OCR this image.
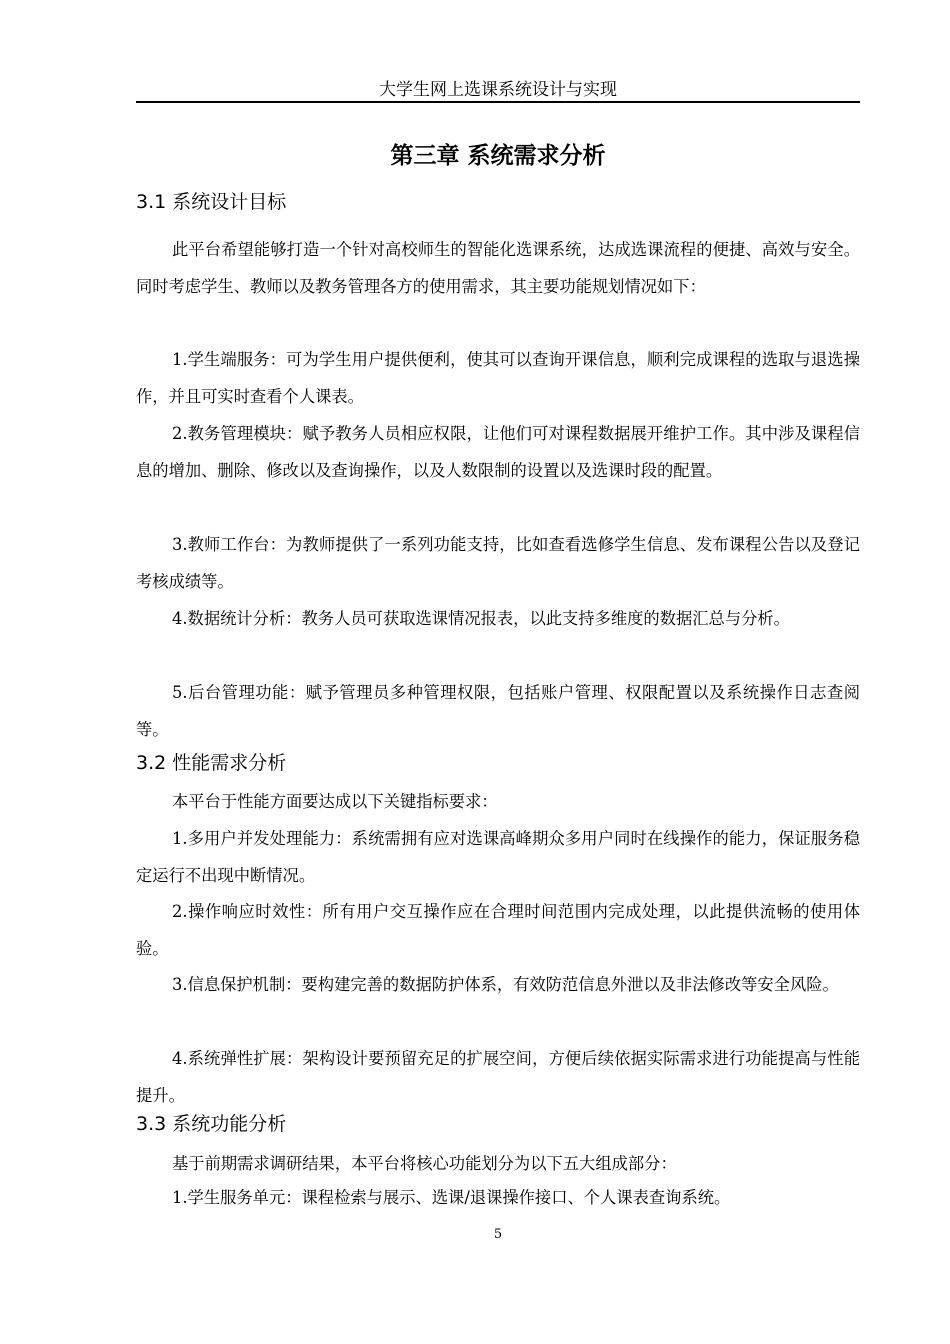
大学生网上选课系统设计与实现
第三章 系统需求分析
3.1 系统设计目标

此平台希望能够打造一个针对高校师生的智能化选课系统，达成选课流程的便捷、高效与安全。同时考虑学生、教师以及教务管理各方的使用需求，其主要功能规划情况如下：

1.学生端服务：可为学生用户提供便利，使其可以查询开课信息，顺利完成课程的选取与退选操作，并且可实时查看个人课表。

2.教务管理模块：赋予教务人员相应权限，让他们可对课程数据展开维护工作。其中涉及课程信息的增加、删除、修改以及查询操作，以及人数限制的设置以及选课时段的配置。

3.教师工作台：为教师提供了一系列功能支持，比如查看选修学生信息、发布课程公告以及登记考核成绩等。

4.数据统计分析：教务人员可获取选课情况报表，以此支持多维度的数据汇总与分析。

5.后台管理功能：赋予管理员多种管理权限，包括账户管理、权限配置以及系统操作日志查阅等。

3.2 性能需求分析

本平台于性能方面要达成以下关键指标要求：

1.多用户并发处理能力：系统需拥有应对选课高峰期众多用户同时在线操作的能力，保证服务稳定运行不出现中断情况。

2.操作响应时效性：所有用户交互操作应在合理时间范围内完成处理，以此提供流畅的使用体验。

3.信息保护机制：要构建完善的数据防护体系，有效防范信息外泄以及非法修改等安全风险。

4.系统弹性扩展：架构设计要预留充足的扩展空间，方便后续依据实际需求进行功能提高与性能提升。

3.3 系统功能分析

基于前期需求调研结果，本平台将核心功能划分为以下五大组成部分：

1.学生服务单元：课程检索与展示、选课/退课操作接口、个人课表查询系统。

5
